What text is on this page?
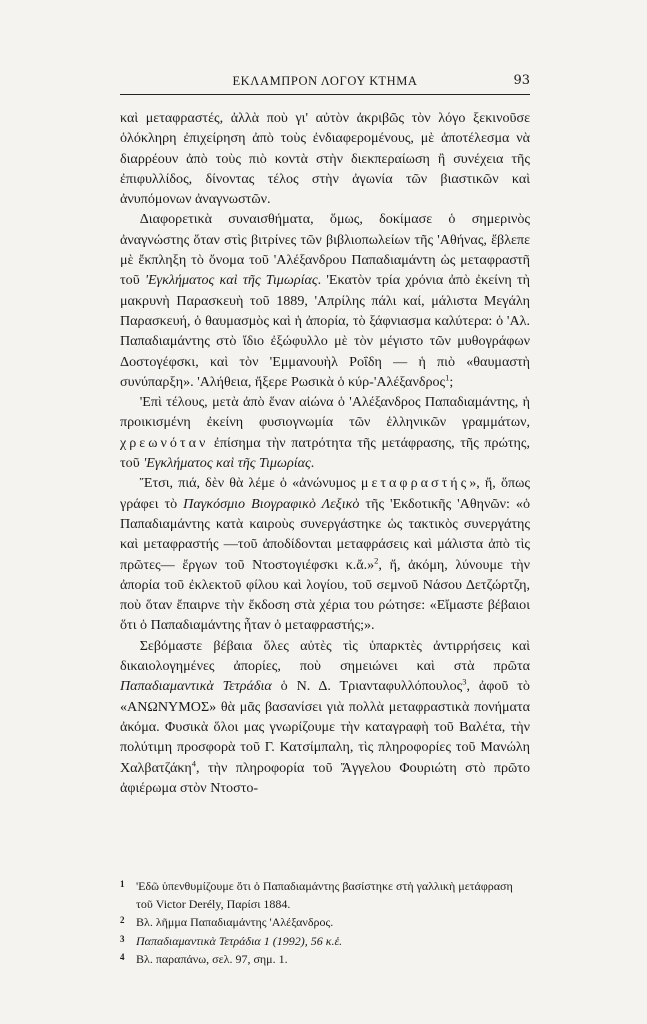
ΕΚΛΑΜΠΡΟΝ ΛΟΓΟΥ ΚΤΗΜΑ	93

καὶ μεταφραστές, ἀλλὰ ποὺ γι' αὐτὸν ἀκριβῶς τὸν λόγο ξεκινοῦσε ὁλόκληρη ἐπιχείρηση ἀπὸ τοὺς ἐνδιαφερομένους, μὲ ἀποτέλεσμα νὰ διαρρέουν ἀπὸ τοὺς πιὸ κοντὰ στὴν διεκπεραίωση ἢ συνέχεια τῆς ἐπιφυλλίδος, δίνοντας τέλος στὴν ἀγωνία τῶν βιαστικῶν καὶ ἀνυπόμονων ἀναγνωστῶν.

Διαφορετικὰ συναισθήματα, ὅμως, δοκίμασε ὁ σημερινὸς ἀναγνώστης ὅταν στὶς βιτρίνες τῶν βιβλιοπωλείων τῆς 'Αθήνας, ἔβλεπε μὲ ἔκπληξη τὸ ὄνομα τοῦ 'Αλέξανδρου Παπαδιαμάντη ὡς μεταφραστῆ τοῦ 'Εγκλήματος καὶ τῆς Τιμωρίας. 'Εκατὸν τρία χρόνια ἀπὸ ἐκείνη τὴ μακρυνὴ Παρασκευὴ τοῦ 1889, 'Απρίλης πάλι καί, μάλιστα Μεγάλη Παρασκευή, ὁ θαυμασμὸς καὶ ἡ ἀπορία, τὸ ξάφνιασμα καλύτερα: ὁ 'Αλ. Παπαδιαμάντης στὸ ἴδιο ἐξώφυλλο μὲ τὸν μέγιστο τῶν μυθογράφων Δοστογέφσκι, καὶ τὸν 'Εμμανουὴλ Ροΐδη — ἡ πιὸ «θαυμαστὴ συνύπαρξη». 'Αλήθεια, ἤξερε Ρωσικὰ ὁ κύρ-'Αλέξανδρος$^1$;

'Επὶ τέλους, μετὰ ἀπὸ ἕναν αἰώνα ὁ 'Αλέξανδρος Παπαδιαμάντης, ἡ προικισμένη ἐκείνη φυσιογνωμία τῶν ἑλληνικῶν γραμμάτων, χρεωνόταν ἐπίσημα τὴν πατρότητα τῆς μετάφρασης, τῆς πρώτης, τοῦ 'Εγκλήματος καὶ τῆς Τιμωρίας.

Ἔτσι, πιά, δὲν θὰ λέμε ὁ «ἀνώνυμος μεταφραστής», ἤ, ὅπως γράφει τὸ Παγκόσμιο Βιογραφικὸ Λεξικὸ τῆς 'Εκδοτικῆς 'Αθηνῶν: «ὁ Παπαδιαμάντης κατὰ καιροὺς συνεργάστηκε ὡς τακτικὸς συνεργάτης καὶ μεταφραστής —τοῦ ἀποδίδονται μεταφράσεις καὶ μάλιστα ἀπὸ τὶς πρῶτες— ἔργων τοῦ Ντοστογιέφσκι κ.ἄ.»$^2$, ἤ, ἀκόμη, λύνουμε τὴν ἀπορία τοῦ ἐκλεκτοῦ φίλου καὶ λογίου, τοῦ σεμνοῦ Νάσου Δετζώρτζη, ποὺ ὅταν ἔπαιρνε τὴν ἔκδοση στὰ χέρια του ρώτησε: «Εἴμαστε βέβαιοι ὅτι ὁ Παπαδιαμάντης ἦταν ὁ μεταφραστής;».

Σεβόμαστε βέβαια ὅλες αὐτὲς τὶς ὑπαρκτὲς ἀντιρρήσεις καὶ δικαιολογημένες ἀπορίες, ποὺ σημειώνει καὶ στὰ πρῶτα Παπαδιαμαντικὰ Τετράδια ὁ Ν. Δ. Τριανταφυλλόπουλος$^3$, ἀφοῦ τὸ «ΑΝΩΝΥΜΟΣ» θὰ μᾶς βασανίσει γιὰ πολλὰ μεταφραστικὰ πονήματα ἀκόμα. Φυσικὰ ὅλοι μας γνωρίζουμε τὴν καταγραφὴ τοῦ Βαλέτα, τὴν πολύτιμη προσφορὰ τοῦ Γ. Κατσίμπαλη, τὶς πληροφορίες τοῦ Μανώλη Χαλβατζάκη$^4$, τὴν πληροφορία τοῦ Ἄγγελου Φουριώτη στὸ πρῶτο ἀφιέρωμα στὸν Ντοστο-

1 'Εδῶ ὑπενθυμίζουμε ὅτι ὁ Παπαδιαμάντης βασίστηκε στὴ γαλλικὴ μετάφραση τοῦ Victor Derély, Παρίσι 1884.
2 Βλ. λῆμμα Παπαδιαμάντης 'Αλέξανδρος.
3 Παπαδιαμαντικὰ Τετράδια 1 (1992), 56 κ.ἑ.
4 Βλ. παραπάνω, σελ. 97, σημ. 1.
